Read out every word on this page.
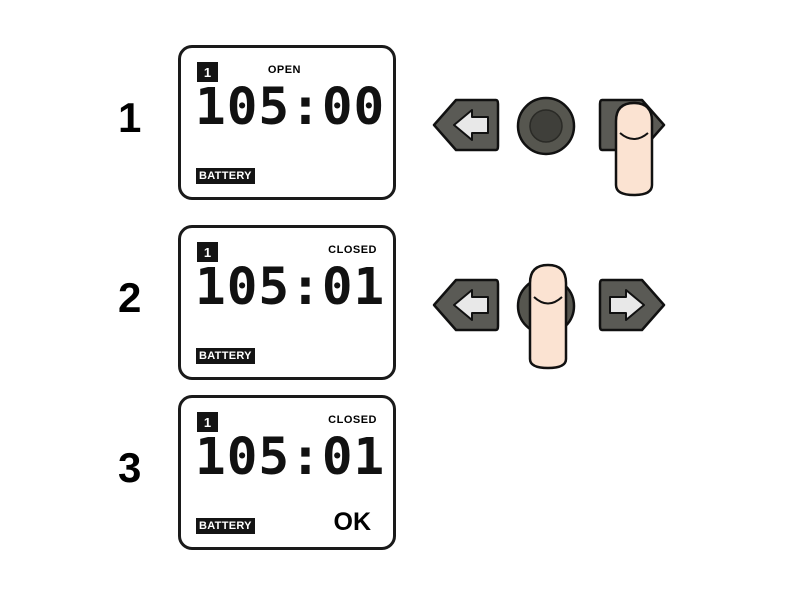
1
1	OPEN
105:00
BATTERY
2
1	CLOSED
105:01
BATTERY
3
1	CLOSED
105:01
BATTERY	OK
